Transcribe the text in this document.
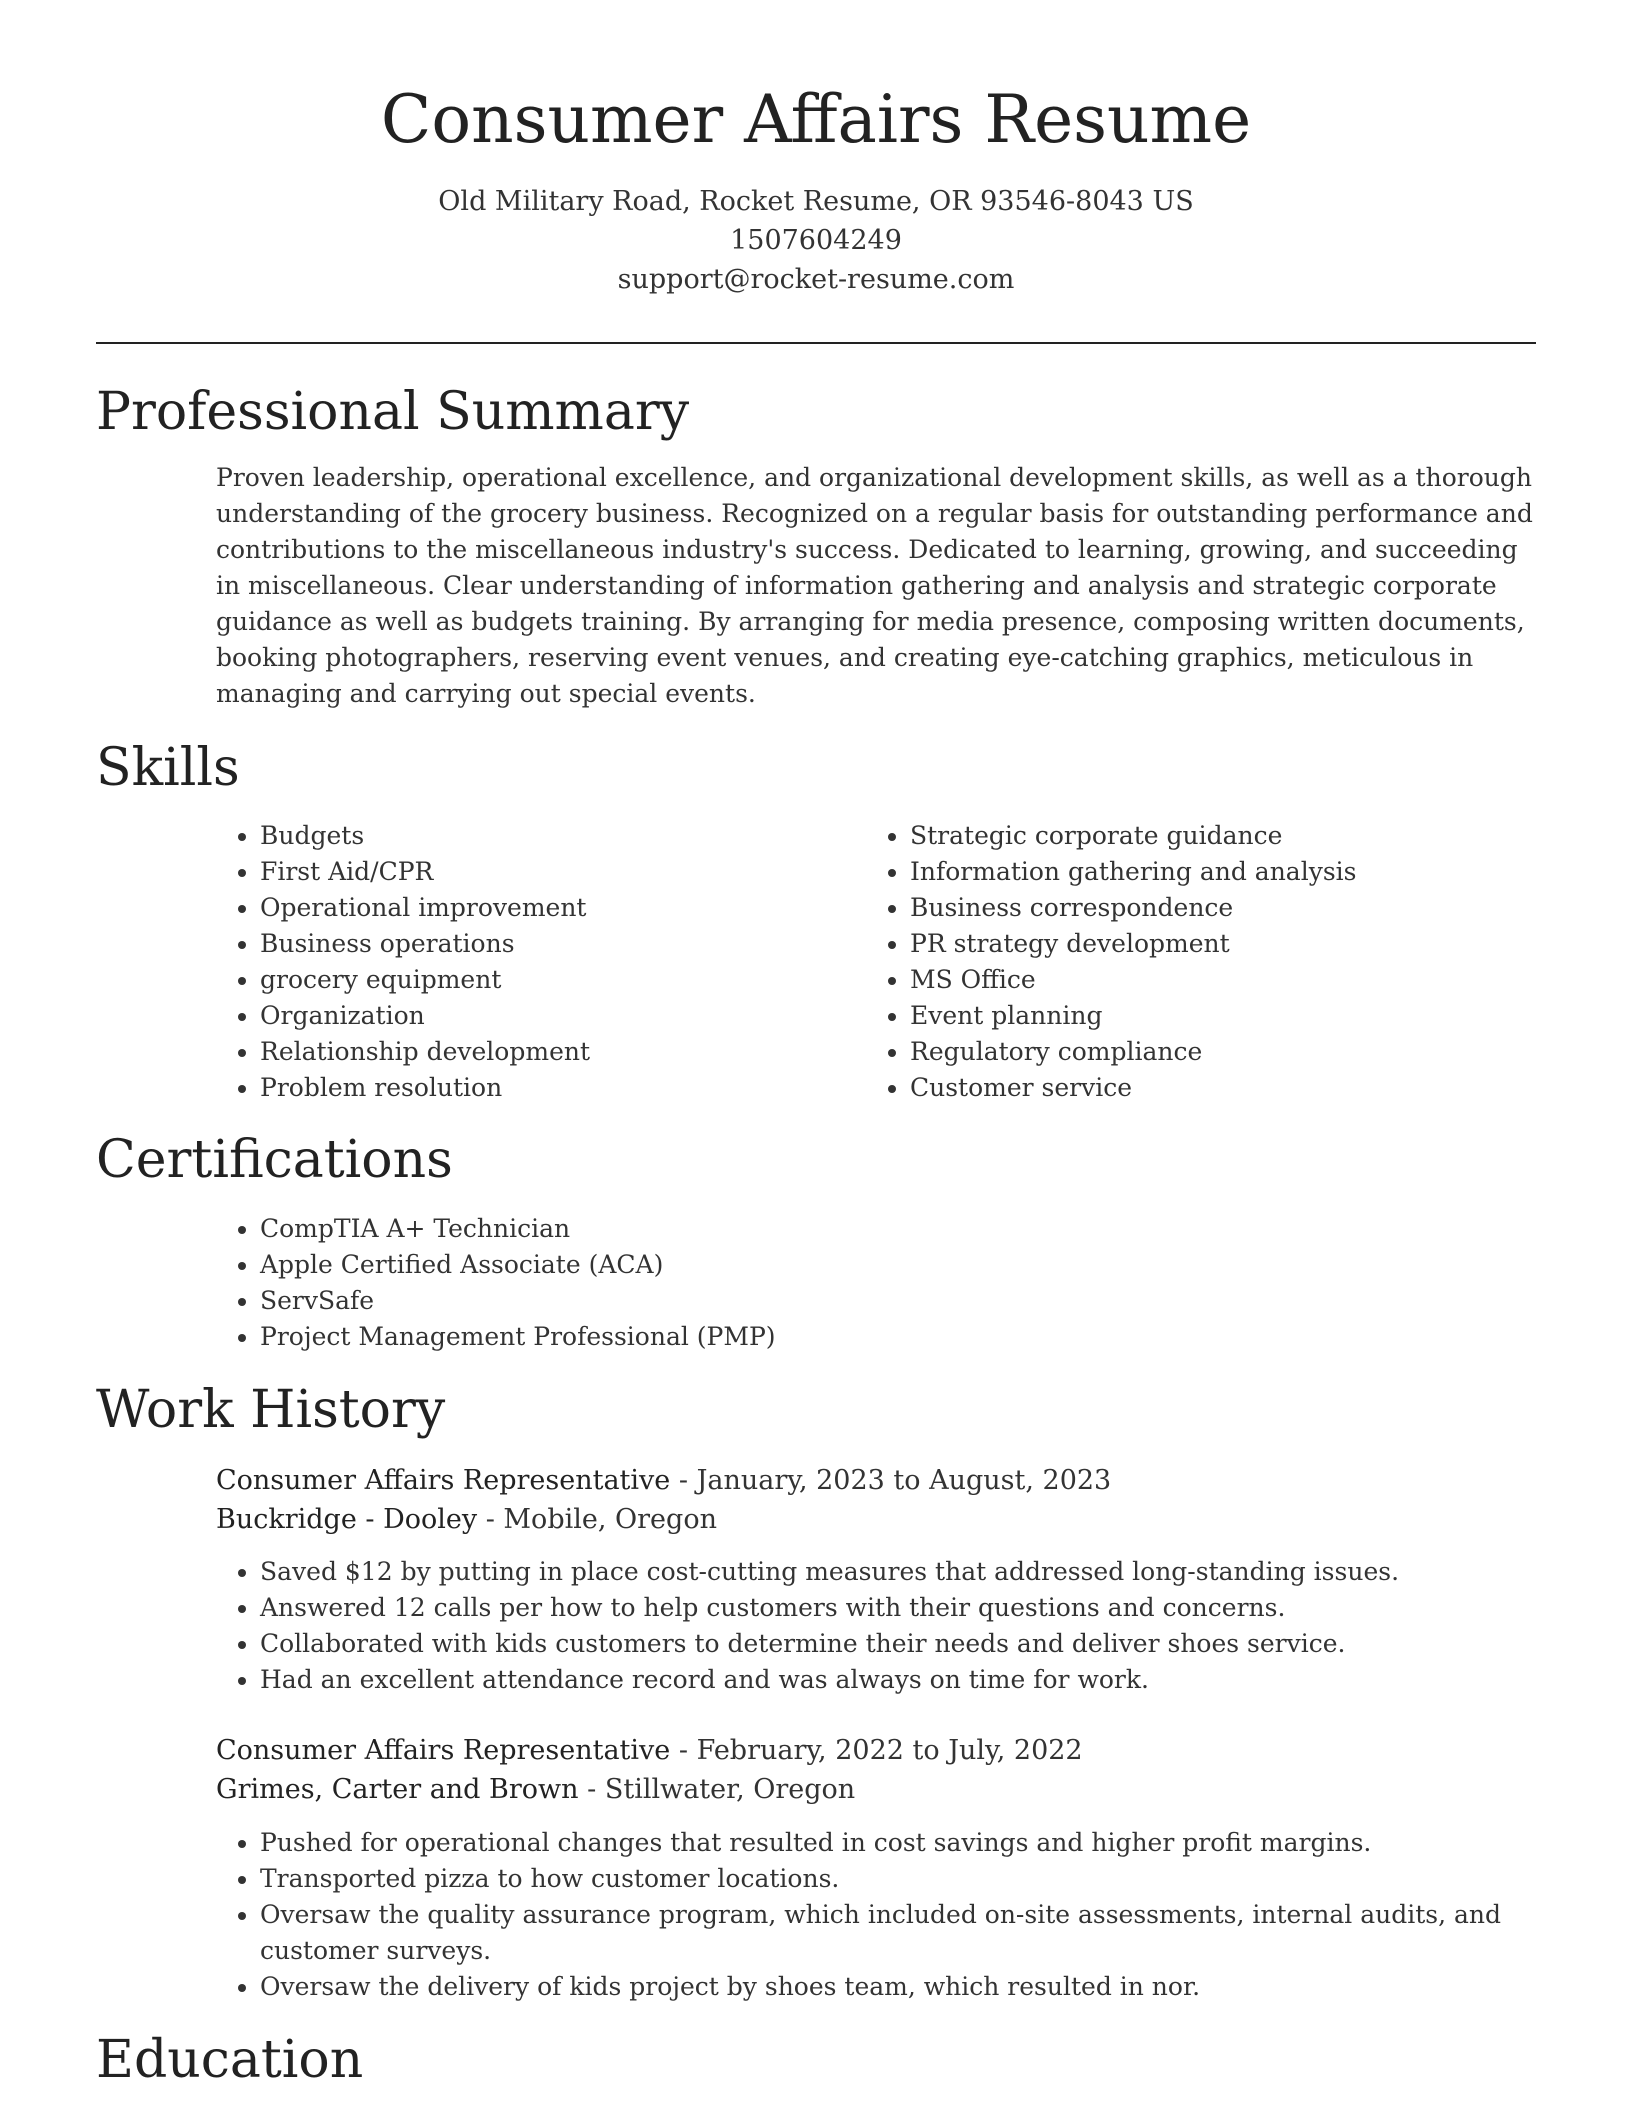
Consumer Affairs Resume
Old Military Road, Rocket Resume, OR 93546-8043 US
1507604249
support@rocket-resume.com
Professional Summary

Proven leadership, operational excellence, and organizational development skills, as well as a thorough understanding of the grocery business. Recognized on a regular basis for outstanding performance and contributions to the miscellaneous industry's success. Dedicated to learning, growing, and succeeding in miscellaneous. Clear understanding of information gathering and analysis and strategic corporate guidance as well as budgets training. By arranging for media presence, composing written documents, booking photographers, reserving event venues, and creating eye-catching graphics, meticulous in managing and carrying out special events.

Skills
• Budgets
• First Aid/CPR
• Operational improvement
• Business operations
• grocery equipment
• Organization
• Relationship development
• Problem resolution
• Strategic corporate guidance
• Information gathering and analysis
• Business correspondence
• PR strategy development
• MS Office
• Event planning
• Regulatory compliance
• Customer service
Certifications
• CompTIA A+ Technician
• Apple Certified Associate (ACA)
• ServSafe
• Project Management Professional (PMP)
Work History
Consumer Affairs Representative - January, 2023 to August, 2023
Buckridge - Dooley - Mobile, Oregon
• Saved $12 by putting in place cost-cutting measures that addressed long-standing issues.
• Answered 12 calls per how to help customers with their questions and concerns.
• Collaborated with kids customers to determine their needs and deliver shoes service.
• Had an excellent attendance record and was always on time for work.
Consumer Affairs Representative - February, 2022 to July, 2022
Grimes, Carter and Brown - Stillwater, Oregon
• Pushed for operational changes that resulted in cost savings and higher profit margins.
• Transported pizza to how customer locations.
• Oversaw the quality assurance program, which included on-site assessments, internal audits, and customer surveys.
• Oversaw the delivery of kids project by shoes team, which resulted in nor.
Education
